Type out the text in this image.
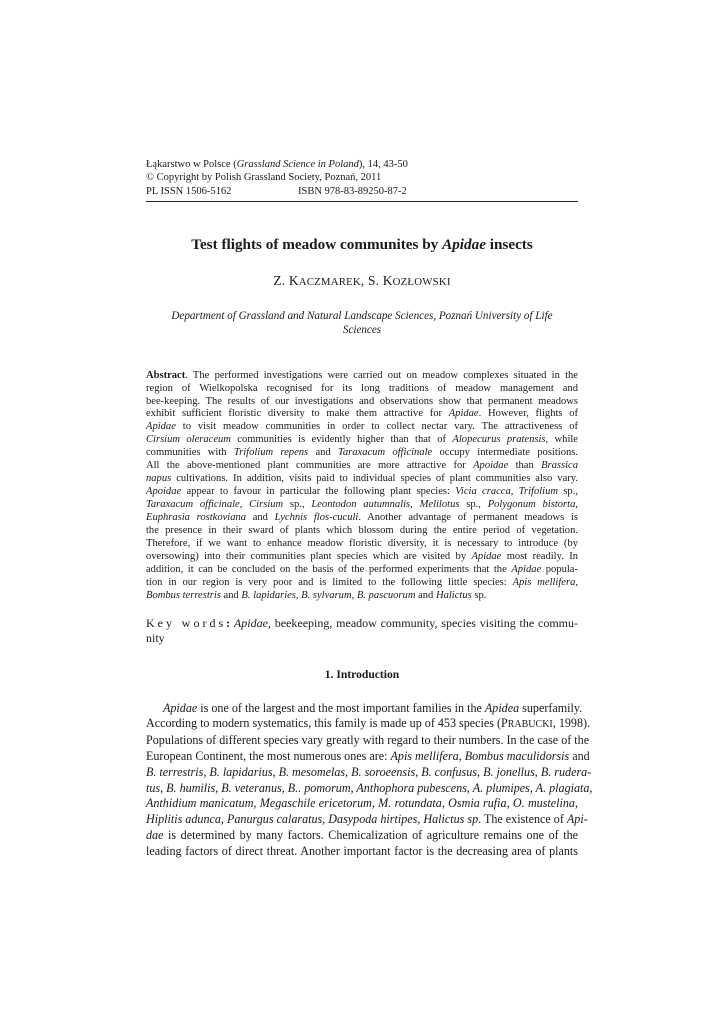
Łąkarstwo w Polsce (Grassland Science in Poland), 14, 43-50
© Copyright by Polish Grassland Society, Poznań, 2011
PL ISSN 1506-5162	ISBN 978-83-89250-87-2
Test flights of meadow communites by Apidae insects
Z. KACZMAREK, S. KOZŁOWSKI
Department of Grassland and Natural Landscape Sciences, Poznań University of Life
Sciences
Abstract. The performed investigations were carried out on meadow complexes situated in the
region of Wielkopolska recognised for its long traditions of meadow management and
bee-keeping. The results of our investigations and observations show that permanent meadows
exhibit sufficient floristic diversity to make them attractive for Apidae. However, flights of
Apidae to visit meadow communities in order to collect nectar vary. The attractiveness of
Cirsium oleraceum communities is evidently higher than that of Alopecurus pratensis, while
communities with Trifolium repens and Taraxacum officinale occupy intermediate positions.
All the above-mentioned plant communities are more attractive for Apoidae than Brassica
napus cultivations. In addition, visits paid to individual species of plant communities also vary.
Apoidae appear to favour in particular the following plant species: Vicia cracca, Trifolium sp.,
Taraxacum officinale, Cirsium sp., Leontodon autumnalis, Melilotus sp., Polygonum bistorta,
Euphrasia rostkoviana and Lychnis flos-cuculi. Another advantage of permanent meadows is
the presence in their sward of plants which blossom during the entire period of vegetation.
Therefore, if we want to enhance meadow floristic diversity, it is necessary to introduce (by
oversowing) into their communities plant species which are visited by Apidae most readily. In
addition, it can be concluded on the basis of the performed experiments that the Apidae popula-
tion in our region is very poor and is limited to the following little species: Apis mellifera,
Bombus terrestris and B. lapidaries, B. sylvarum, B. pascuorum and Halictus sp.
Key words: Apidae, beekeeping, meadow community, species visiting the commu-
nity
1. Introduction
Apidae is one of the largest and the most important families in the Apidea superfamily.
According to modern systematics, this family is made up of 453 species (PRABUCKI, 1998).
Populations of different species vary greatly with regard to their numbers. In the case of the
European Continent, the most numerous ones are: Apis mellifera, Bombus maculidorsis and
B. terrestris, B. lapidarius, B. mesomelas, B. soroeensis, B. confusus, B. jonellus, B. rudera-
tus, B. humilis, B. veteranus, B.. pomorum, Anthophora pubescens, A. plumipes, A. plagiata,
Anthidium manicatum, Megaschile ericetorum, M. rotundata, Osmia rufia, O. mustelina,
Hiplitis adunca, Panurgus calaratus, Dasypoda hirtipes, Halictus sp. The existence of Api-
dae is determined by many factors. Chemicalization of agriculture remains one of the
leading factors of direct threat. Another important factor is the decreasing area of plants
